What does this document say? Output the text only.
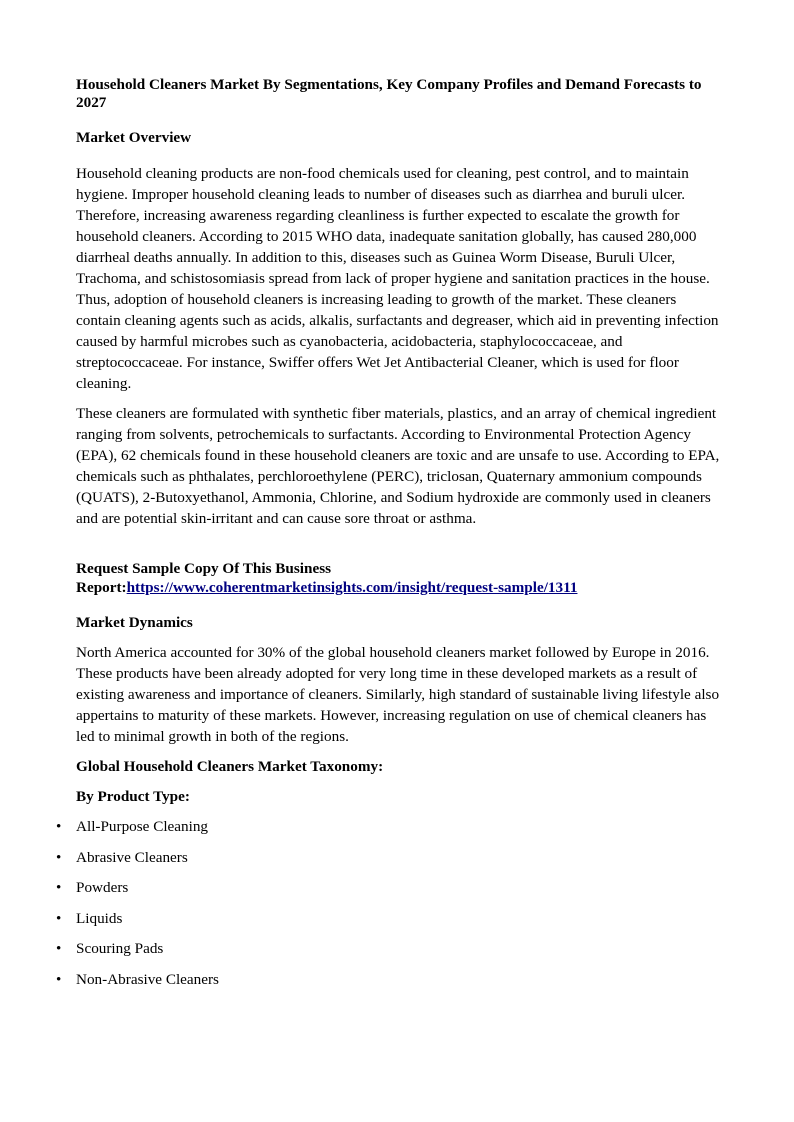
Household Cleaners Market By Segmentations, Key Company Profiles and Demand Forecasts to 2027
Market Overview

Household cleaning products are non-food chemicals used for cleaning, pest control, and to maintain hygiene. Improper household cleaning leads to number of diseases such as diarrhea and buruli ulcer. Therefore, increasing awareness regarding cleanliness is further expected to escalate the growth for household cleaners. According to 2015 WHO data, inadequate sanitation globally, has caused 280,000 diarrheal deaths annually. In addition to this, diseases such as Guinea Worm Disease, Buruli Ulcer, Trachoma, and schistosomiasis spread from lack of proper hygiene and sanitation practices in the house. Thus, adoption of household cleaners is increasing leading to growth of the market. These cleaners contain cleaning agents such as acids, alkalis, surfactants and degreaser, which aid in preventing infection caused by harmful microbes such as cyanobacteria, acidobacteria, staphylococcaceae, and streptococcaceae. For instance, Swiffer offers Wet Jet Antibacterial Cleaner, which is used for floor cleaning.

These cleaners are formulated with synthetic fiber materials, plastics, and an array of chemical ingredient ranging from solvents, petrochemicals to surfactants. According to Environmental Protection Agency (EPA), 62 chemicals found in these household cleaners are toxic and are unsafe to use. According to EPA, chemicals such as phthalates, perchloroethylene (PERC), triclosan, Quaternary ammonium compounds (QUATS), 2-Butoxyethanol, Ammonia, Chlorine, and Sodium hydroxide are commonly used in cleaners and are potential skin-irritant and can cause sore throat or asthma.

Request Sample Copy Of This Business
Report:https://www.coherentmarketinsights.com/insight/request-sample/1311
Market Dynamics

North America accounted for 30% of the global household cleaners market followed by Europe in 2016. These products have been already adopted for very long time in these developed markets as a result of existing awareness and importance of cleaners. Similarly, high standard of sustainable living lifestyle also appertains to maturity of these markets. However, increasing regulation on use of chemical cleaners has led to minimal growth in both of the regions.

Global Household Cleaners Market Taxonomy:
By Product Type:
• All-Purpose Cleaning
• Abrasive Cleaners
• Powders
• Liquids
• Scouring Pads
• Non-Abrasive Cleaners
